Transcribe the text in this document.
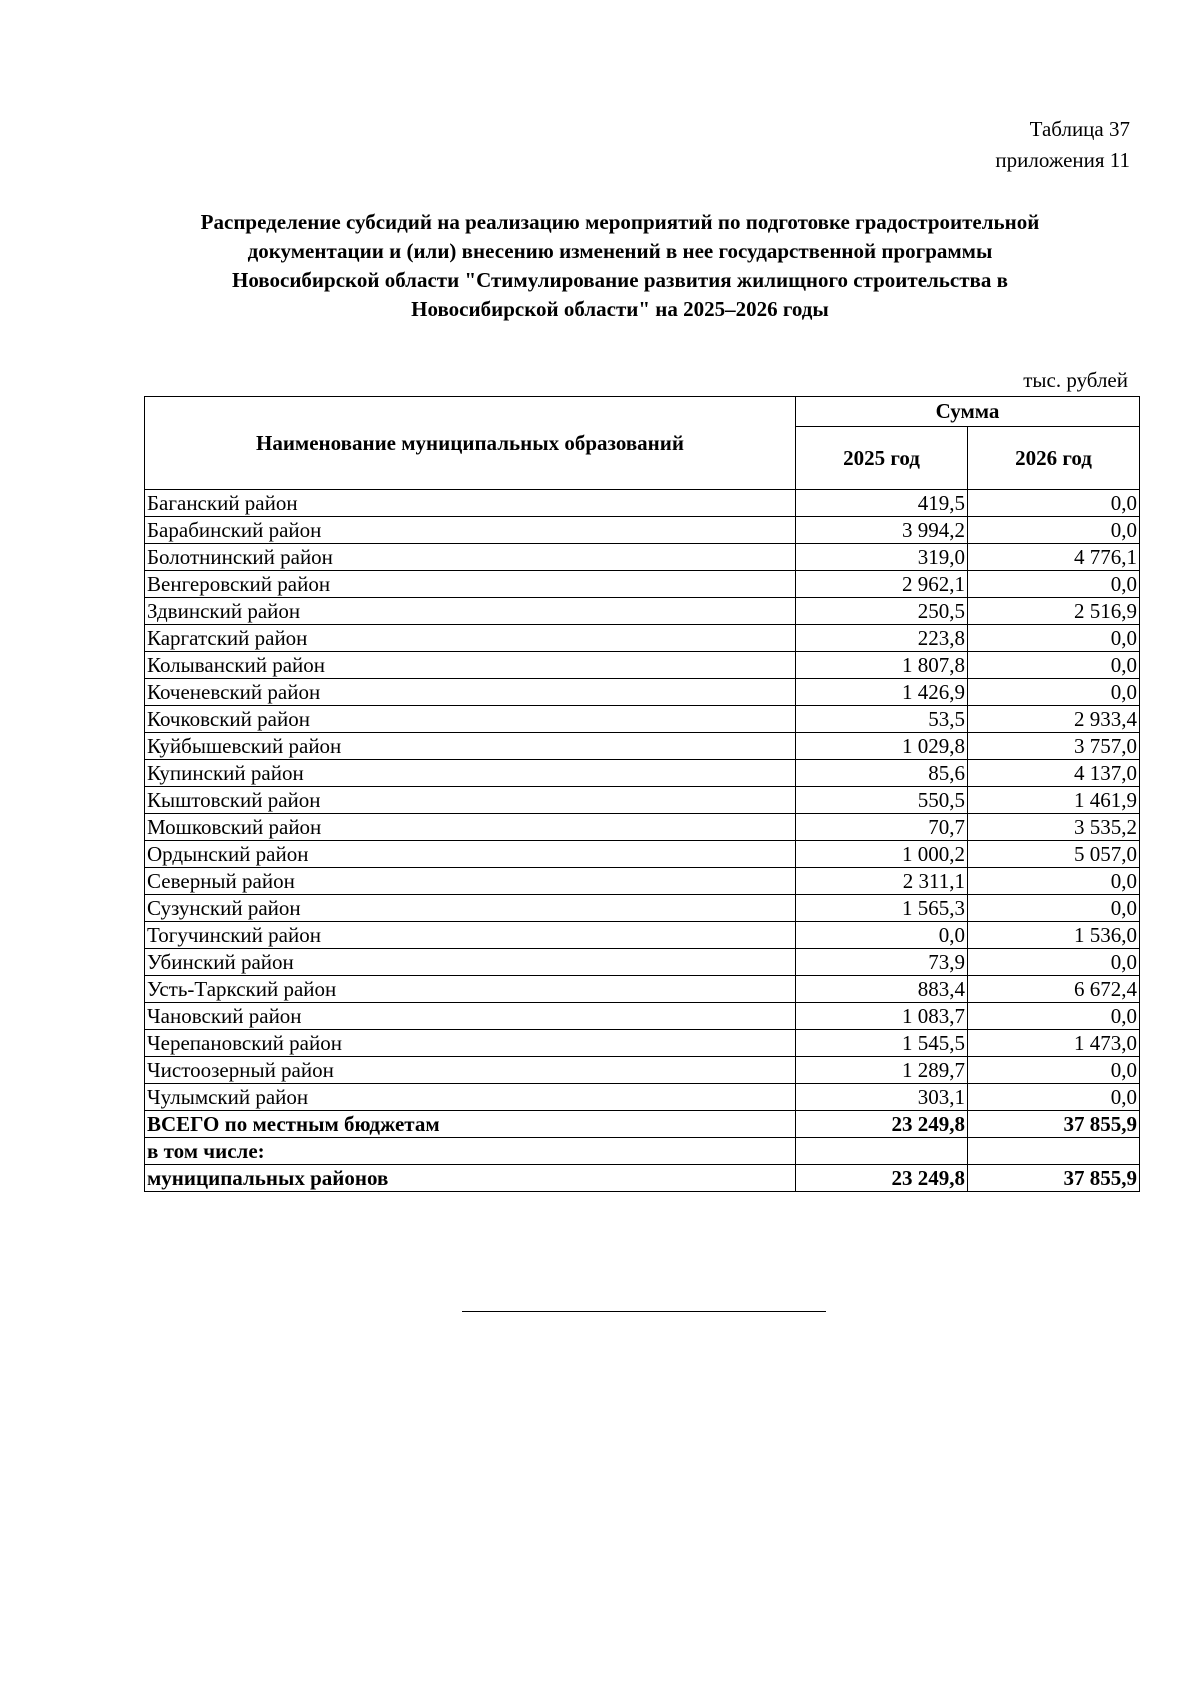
Таблица 37
приложения 11
Распределение субсидий на реализацию мероприятий по подготовке градостроительной
документации и (или) внесению изменений в нее государственной программы
Новосибирской области "Стимулирование развития жилищного строительства в
Новосибирской области" на 2025–2026 годы
тыс. рублей
Наименование муниципальных образований	Сумма	
	2025 год	2026 год
Баганский район	419,5	0,0
Барабинский район	3 994,2	0,0
Болотнинский район	319,0	4 776,1
Венгеровский район	2 962,1	0,0
Здвинский район	250,5	2 516,9
Каргатский район	223,8	0,0
Колыванский район	1 807,8	0,0
Коченевский район	1 426,9	0,0
Кочковский район	53,5	2 933,4
Куйбышевский район	1 029,8	3 757,0
Купинский район	85,6	4 137,0
Кыштовский район	550,5	1 461,9
Мошковский район	70,7	3 535,2
Ордынский район	1 000,2	5 057,0
Северный район	2 311,1	0,0
Сузунский район	1 565,3	0,0
Тогучинский район	0,0	1 536,0
Убинский район	73,9	0,0
Усть-Таркский район	883,4	6 672,4
Чановский район	1 083,7	0,0
Черепановский район	1 545,5	1 473,0
Чистоозерный район	1 289,7	0,0
Чулымский район	303,1	0,0
ВСЕГО по местным бюджетам	23 249,8	37 855,9
в том числе:		
муниципальных районов	23 249,8	37 855,9
